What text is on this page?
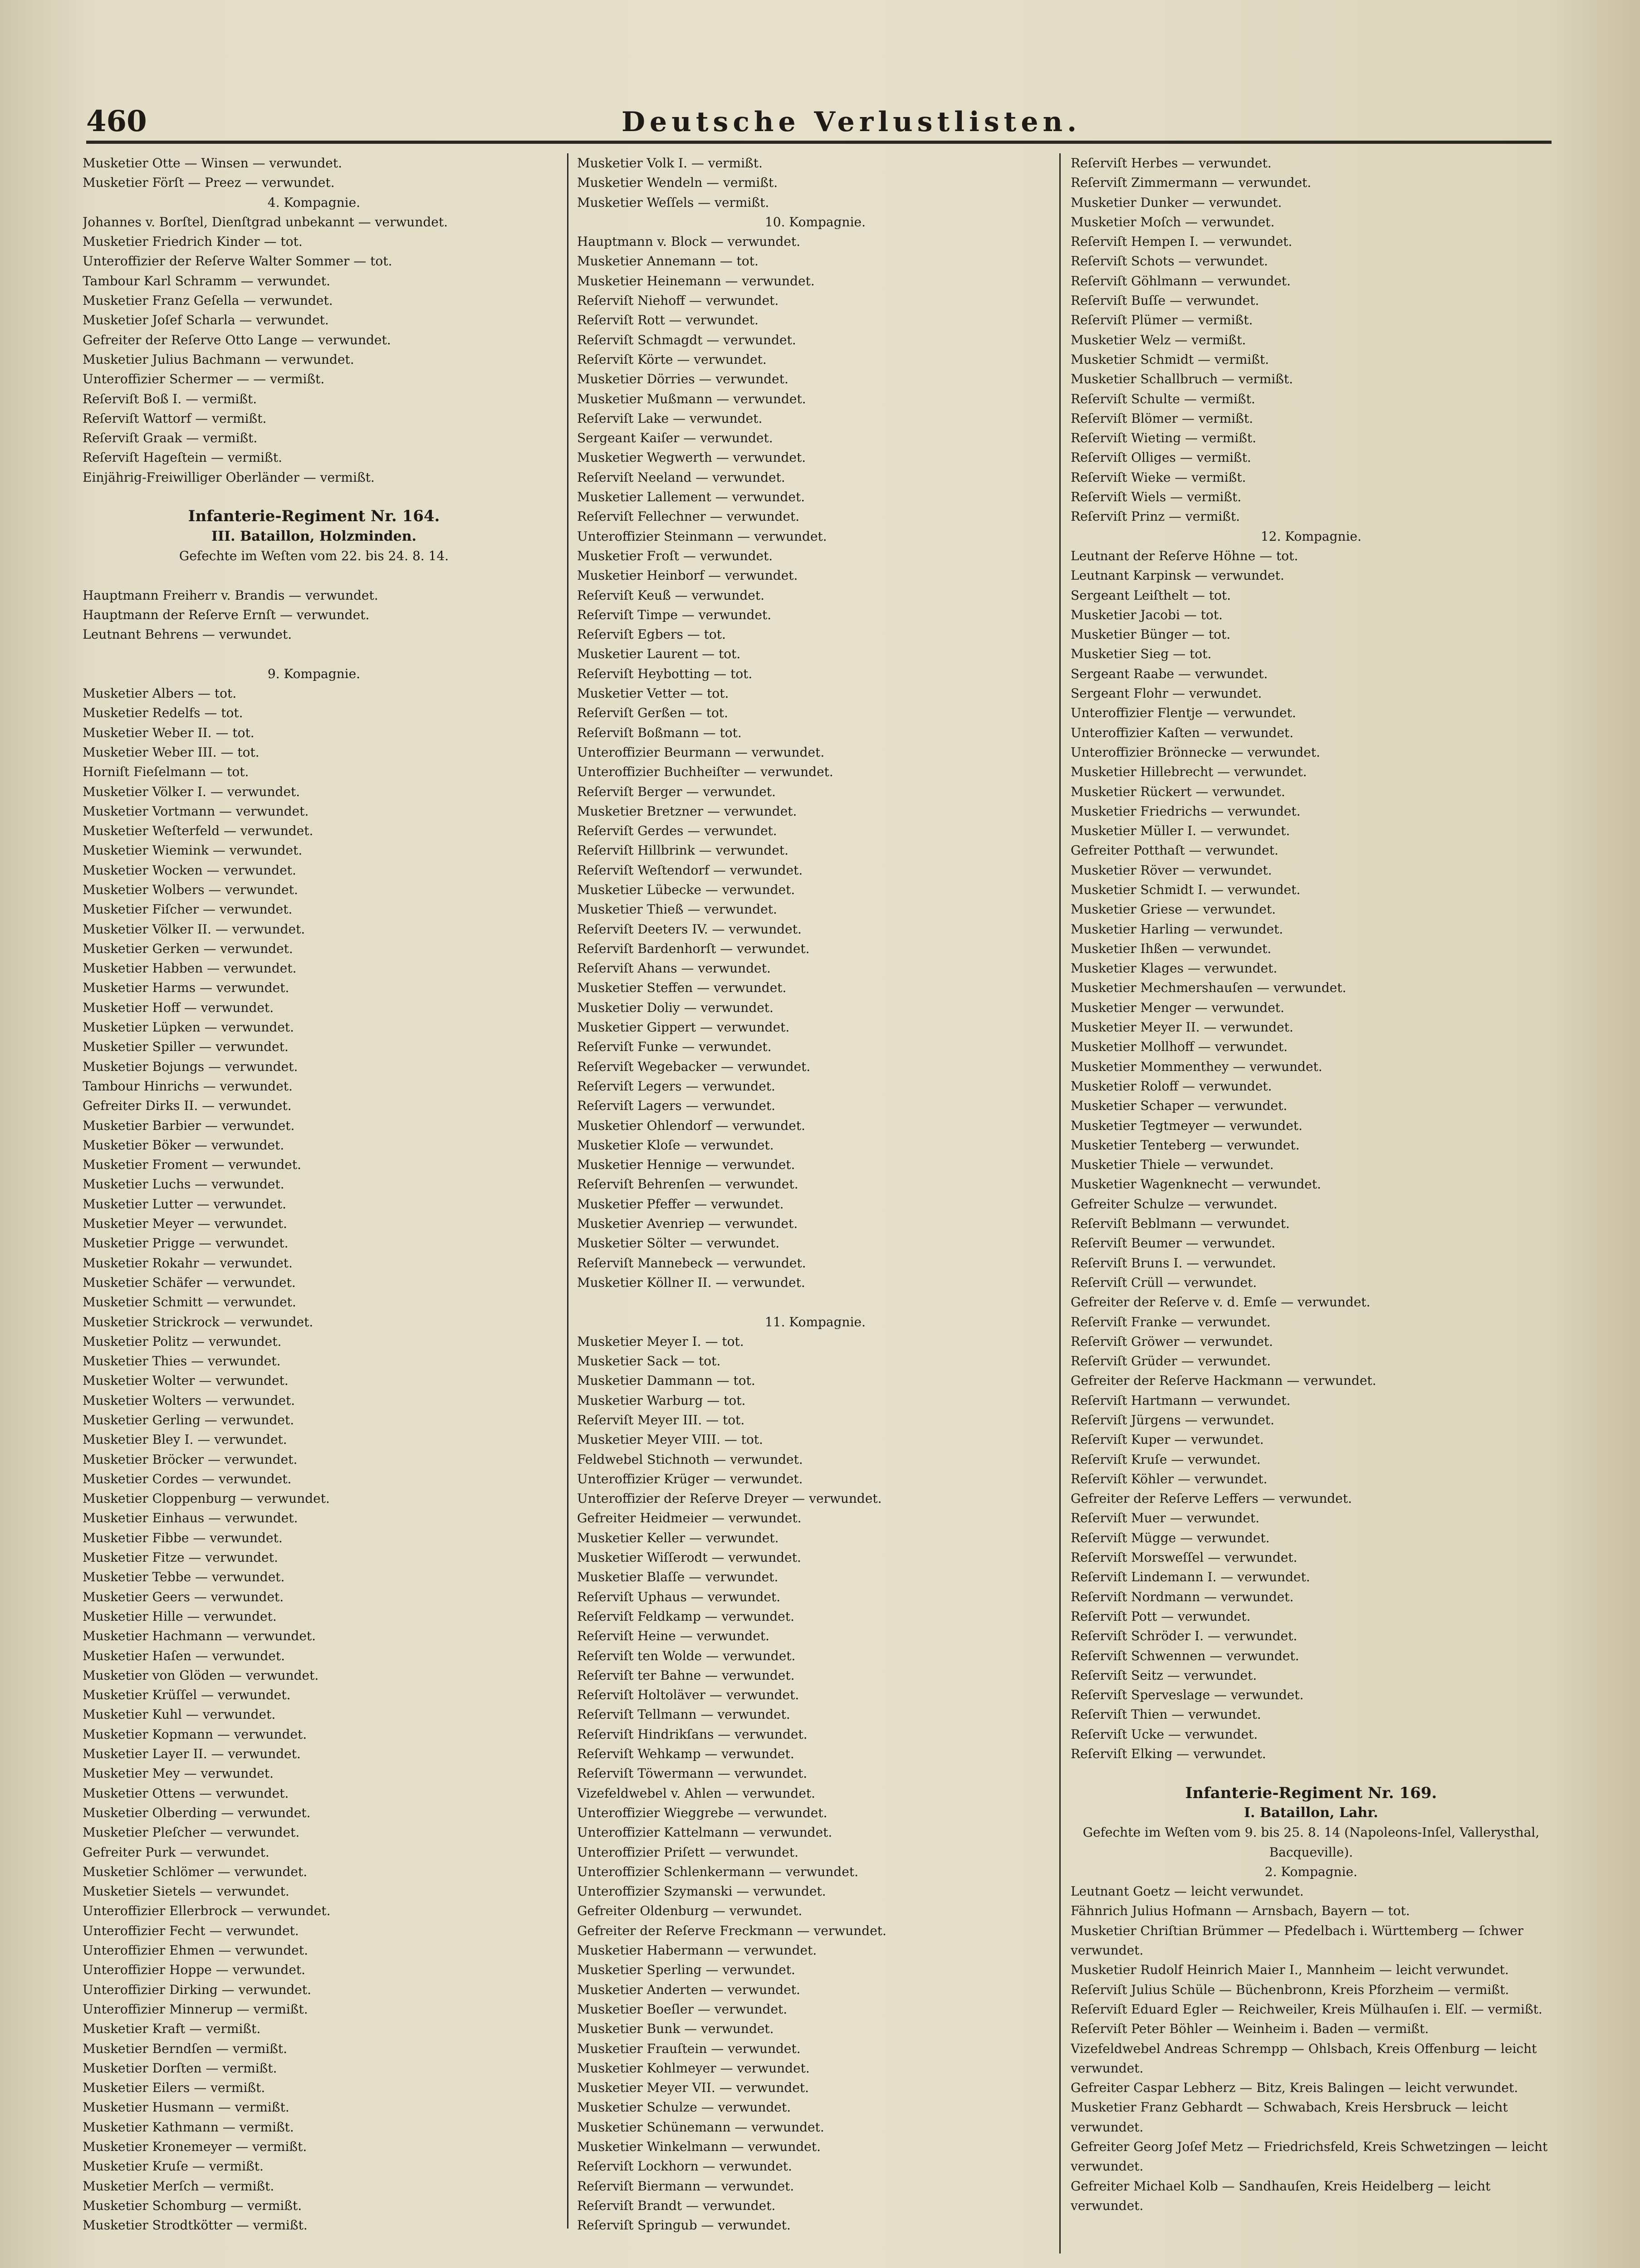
460	Deutsche Verlustlisten.
Musketier Otte — Winsen — verwundet.
Musketier Förſt — Preez — verwundet.
4. Kompagnie.
Johannes v. Borſtel, Dienſtgrad unbekannt — verwundet.
Musketier Friedrich Kinder — tot.
Unteroffizier der Reſerve Walter Sommer — tot.
Tambour Karl Schramm — verwundet.
Musketier Franz Geſella — verwundet.
Musketier Joſef Scharla — verwundet.
Gefreiter der Reſerve Otto Lange — verwundet.
Musketier Julius Bachmann — verwundet.
Unteroffizier Schermer — — vermißt.
Reſerviſt Boß I. — vermißt.
Reſerviſt Wattorf — vermißt.
Reſerviſt Graak — vermißt.
Reſerviſt Hageſtein — vermißt.
Einjährig-Freiwilliger Oberländer — vermißt.
Infanterie-Regiment Nr. 164.
III. Bataillon, Holzminden.
Gefechte im Weſten vom 22. bis 24. 8. 14.
Hauptmann Freiherr v. Brandis — verwundet.
Hauptmann der Reſerve Ernſt — verwundet.
Leutnant Behrens — verwundet.
9. Kompagnie.
Musketier Albers — tot.
Musketier Redelfs — tot.
Musketier Weber II. — tot.
Musketier Weber III. — tot.
Horniſt Fieſelmann — tot.
Musketier Völker I. — verwundet.
Musketier Vortmann — verwundet.
Musketier Weſterfeld — verwundet.
Musketier Wiemink — verwundet.
Musketier Wocken — verwundet.
Musketier Wolbers — verwundet.
Musketier Fiſcher — verwundet.
Musketier Völker II. — verwundet.
Musketier Gerken — verwundet.
Musketier Habben — verwundet.
Musketier Harms — verwundet.
Musketier Hoff — verwundet.
Musketier Lüpken — verwundet.
Musketier Spiller — verwundet.
Musketier Bojungs — verwundet.
Tambour Hinrichs — verwundet.
Gefreiter Dirks II. — verwundet.
Musketier Barbier — verwundet.
Musketier Böker — verwundet.
Musketier Froment — verwundet.
Musketier Luchs — verwundet.
Musketier Lutter — verwundet.
Musketier Meyer — verwundet.
Musketier Prigge — verwundet.
Musketier Rokahr — verwundet.
Musketier Schäfer — verwundet.
Musketier Schmitt — verwundet.
Musketier Strickrock — verwundet.
Musketier Politz — verwundet.
Musketier Thies — verwundet.
Musketier Wolter — verwundet.
Musketier Wolters — verwundet.
Musketier Gerling — verwundet.
Musketier Bley I. — verwundet.
Musketier Bröcker — verwundet.
Musketier Cordes — verwundet.
Musketier Cloppenburg — verwundet.
Musketier Einhaus — verwundet.
Musketier Fibbe — verwundet.
Musketier Fitze — verwundet.
Musketier Tebbe — verwundet.
Musketier Geers — verwundet.
Musketier Hille — verwundet.
Musketier Hachmann — verwundet.
Musketier Haſen — verwundet.
Musketier von Glöden — verwundet.
Musketier Krüſſel — verwundet.
Musketier Kuhl — verwundet.
Musketier Kopmann — verwundet.
Musketier Layer II. — verwundet.
Musketier Mey — verwundet.
Musketier Ottens — verwundet.
Musketier Olberding — verwundet.
Musketier Pleſcher — verwundet.
Gefreiter Purk — verwundet.
Musketier Schlömer — verwundet.
Musketier Sietels — verwundet.
Unteroffizier Ellerbrock — verwundet.
Unteroffizier Fecht — verwundet.
Unteroffizier Ehmen — verwundet.
Unteroffizier Hoppe — verwundet.
Unteroffizier Dirking — verwundet.
Unteroffizier Minnerup — vermißt.
Musketier Kraft — vermißt.
Musketier Berndſen — vermißt.
Musketier Dorſten — vermißt.
Musketier Eilers — vermißt.
Musketier Husmann — vermißt.
Musketier Kathmann — vermißt.
Musketier Kronemeyer — vermißt.
Musketier Kruſe — vermißt.
Musketier Merſch — vermißt.
Musketier Schomburg — vermißt.
Musketier Strodtkötter — vermißt.
Musketier Volk I. — vermißt.
Musketier Wendeln — vermißt.
Musketier Weſſels — vermißt.
10. Kompagnie.
Hauptmann v. Block — verwundet.
Musketier Annemann — tot.
Musketier Heinemann — verwundet.
Reſerviſt Niehoff — verwundet.
Reſerviſt Rott — verwundet.
Reſerviſt Schmagdt — verwundet.
Reſerviſt Körte — verwundet.
Musketier Dörries — verwundet.
Musketier Mußmann — verwundet.
Reſerviſt Lake — verwundet.
Sergeant Kaiſer — verwundet.
Musketier Wegwerth — verwundet.
Reſerviſt Neeland — verwundet.
Musketier Lallement — verwundet.
Reſerviſt Fellechner — verwundet.
Unteroffizier Steinmann — verwundet.
Musketier Froſt — verwundet.
Musketier Heinborf — verwundet.
Reſerviſt Keuß — verwundet.
Reſerviſt Timpe — verwundet.
Reſerviſt Egbers — tot.
Musketier Laurent — tot.
Reſerviſt Heybotting — tot.
Musketier Vetter — tot.
Reſerviſt Gerßen — tot.
Reſerviſt Boßmann — tot.
Unteroffizier Beurmann — verwundet.
Unteroffizier Buchheiſter — verwundet.
Reſerviſt Berger — verwundet.
Musketier Bretzner — verwundet.
Reſerviſt Gerdes — verwundet.
Reſerviſt Hillbrink — verwundet.
Reſerviſt Weſtendorf — verwundet.
Musketier Lübecke — verwundet.
Musketier Thieß — verwundet.
Reſerviſt Deeters IV. — verwundet.
Reſerviſt Bardenhorſt — verwundet.
Reſerviſt Ahans — verwundet.
Musketier Steffen — verwundet.
Musketier Doliy — verwundet.
Musketier Gippert — verwundet.
Reſerviſt Funke — verwundet.
Reſerviſt Wegebacker — verwundet.
Reſerviſt Legers — verwundet.
Reſerviſt Lagers — verwundet.
Musketier Ohlendorf — verwundet.
Musketier Kloſe — verwundet.
Musketier Hennige — verwundet.
Reſerviſt Behrenſen — verwundet.
Musketier Pfeffer — verwundet.
Musketier Avenriep — verwundet.
Musketier Sölter — verwundet.
Reſerviſt Mannebeck — verwundet.
Musketier Köllner II. — verwundet.
11. Kompagnie.
Musketier Meyer I. — tot.
Musketier Sack — tot.
Musketier Dammann — tot.
Musketier Warburg — tot.
Reſerviſt Meyer III. — tot.
Musketier Meyer VIII. — tot.
Feldwebel Stichnoth — verwundet.
Unteroffizier Krüger — verwundet.
Unteroffizier der Reſerve Dreyer — verwundet.
Gefreiter Heidmeier — verwundet.
Musketier Keller — verwundet.
Musketier Wiſſerodt — verwundet.
Musketier Blaſſe — verwundet.
Reſerviſt Uphaus — verwundet.
Reſerviſt Feldkamp — verwundet.
Reſerviſt Heine — verwundet.
Reſerviſt ten Wolde — verwundet.
Reſerviſt ter Bahne — verwundet.
Reſerviſt Holtoläver — verwundet.
Reſerviſt Tellmann — verwundet.
Reſerviſt Hindrikſans — verwundet.
Reſerviſt Wehkamp — verwundet.
Reſerviſt Töwermann — verwundet.
Vizefeldwebel v. Ahlen — verwundet.
Unteroffizier Wieggrebe — verwundet.
Unteroffizier Kattelmann — verwundet.
Unteroffizier Priſett — verwundet.
Unteroffizier Schlenkermann — verwundet.
Unteroffizier Szymanski — verwundet.
Gefreiter Oldenburg — verwundet.
Gefreiter der Reſerve Freckmann — verwundet.
Musketier Habermann — verwundet.
Musketier Sperling — verwundet.
Musketier Anderten — verwundet.
Musketier Boeſler — verwundet.
Musketier Bunk — verwundet.
Musketier Frauſtein — verwundet.
Musketier Kohlmeyer — verwundet.
Musketier Meyer VII. — verwundet.
Musketier Schulze — verwundet.
Musketier Schünemann — verwundet.
Musketier Winkelmann — verwundet.
Reſerviſt Lockhorn — verwundet.
Reſerviſt Biermann — verwundet.
Reſerviſt Brandt — verwundet.
Reſerviſt Springub — verwundet.
Reſerviſt Herbes — verwundet.
Reſerviſt Zimmermann — verwundet.
Musketier Dunker — verwundet.
Musketier Moſch — verwundet.
Reſerviſt Hempen I. — verwundet.
Reſerviſt Schots — verwundet.
Reſerviſt Göhlmann — verwundet.
Reſerviſt Buſſe — verwundet.
Reſerviſt Plümer — vermißt.
Musketier Welz — vermißt.
Musketier Schmidt — vermißt.
Musketier Schallbruch — vermißt.
Reſerviſt Schulte — vermißt.
Reſerviſt Blömer — vermißt.
Reſerviſt Wieting — vermißt.
Reſerviſt Olliges — vermißt.
Reſerviſt Wieke — vermißt.
Reſerviſt Wiels — vermißt.
Reſerviſt Prinz — vermißt.
12. Kompagnie.
Leutnant der Reſerve Höhne — tot.
Leutnant Karpinsk — verwundet.
Sergeant Leiſthelt — tot.
Musketier Jacobi — tot.
Musketier Bünger — tot.
Musketier Sieg — tot.
Sergeant Raabe — verwundet.
Sergeant Flohr — verwundet.
Unteroffizier Flentje — verwundet.
Unteroffizier Kaſten — verwundet.
Unteroffizier Brönnecke — verwundet.
Musketier Hillebrecht — verwundet.
Musketier Rückert — verwundet.
Musketier Friedrichs — verwundet.
Musketier Müller I. — verwundet.
Gefreiter Potthaſt — verwundet.
Musketier Röver — verwundet.
Musketier Schmidt I. — verwundet.
Musketier Griese — verwundet.
Musketier Harling — verwundet.
Musketier Ihßen — verwundet.
Musketier Klages — verwundet.
Musketier Mechmershauſen — verwundet.
Musketier Menger — verwundet.
Musketier Meyer II. — verwundet.
Musketier Mollhoff — verwundet.
Musketier Mommenthey — verwundet.
Musketier Roloff — verwundet.
Musketier Schaper — verwundet.
Musketier Tegtmeyer — verwundet.
Musketier Tenteberg — verwundet.
Musketier Thiele — verwundet.
Musketier Wagenknecht — verwundet.
Gefreiter Schulze — verwundet.
Reſerviſt Beblmann — verwundet.
Reſerviſt Beumer — verwundet.
Reſerviſt Bruns I. — verwundet.
Reſerviſt Crüll — verwundet.
Gefreiter der Reſerve v. d. Emſe — verwundet.
Reſerviſt Franke — verwundet.
Reſerviſt Gröwer — verwundet.
Reſerviſt Grüder — verwundet.
Gefreiter der Reſerve Hackmann — verwundet.
Reſerviſt Hartmann — verwundet.
Reſerviſt Jürgens — verwundet.
Reſerviſt Kuper — verwundet.
Reſerviſt Kruſe — verwundet.
Reſerviſt Köhler — verwundet.
Gefreiter der Reſerve Leffers — verwundet.
Reſerviſt Muer — verwundet.
Reſerviſt Mügge — verwundet.
Reſerviſt Morsweſſel — verwundet.
Reſerviſt Lindemann I. — verwundet.
Reſerviſt Nordmann — verwundet.
Reſerviſt Pott — verwundet.
Reſerviſt Schröder I. — verwundet.
Reſerviſt Schwennen — verwundet.
Reſerviſt Seitz — verwundet.
Reſerviſt Sperveslage — verwundet.
Reſerviſt Thien — verwundet.
Reſerviſt Ucke — verwundet.
Reſerviſt Elking — verwundet.
Infanterie-Regiment Nr. 169.
I. Bataillon, Lahr.
Gefechte im Weſten vom 9. bis 25. 8. 14 (Napoleons-Inſel, Vallerysthal, Bacqueville).
2. Kompagnie.
Leutnant Goetz — leicht verwundet.
Fähnrich Julius Hofmann — Arnsbach, Bayern — tot.
Musketier Chriſtian Brümmer — Pfedelbach i. Württemberg — ſchwer verwundet.
Musketier Rudolf Heinrich Maier I., Mannheim — leicht verwundet.
Reſerviſt Julius Schüle — Büchenbronn, Kreis Pforzheim — vermißt.
Reſerviſt Eduard Egler — Reichweiler, Kreis Mülhauſen i. Elſ. — vermißt.
Reſerviſt Peter Böhler — Weinheim i. Baden — vermißt.
Vizefeldwebel Andreas Schrempp — Ohlsbach, Kreis Offenburg — leicht verwundet.
Gefreiter Caspar Lebherz — Bitz, Kreis Balingen — leicht verwundet.
Musketier Franz Gebhardt — Schwabach, Kreis Hersbruck — leicht verwundet.
Gefreiter Georg Joſef Metz — Friedrichsfeld, Kreis Schwetzingen — leicht verwundet.
Gefreiter Michael Kolb — Sandhauſen, Kreis Heidelberg — leicht verwundet.
